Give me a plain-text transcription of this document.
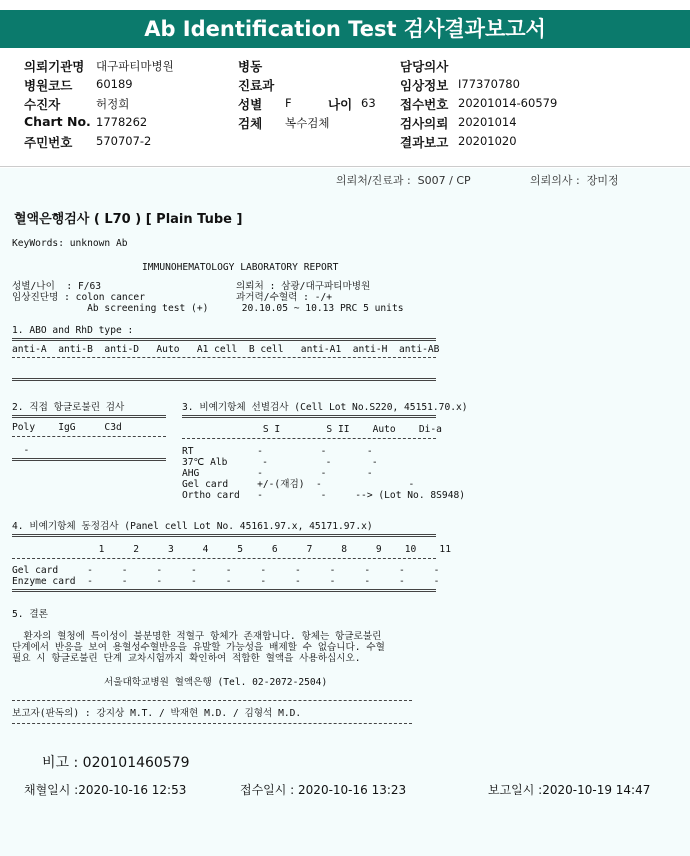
Ab Identification Test 검사결과보고서
의뢰기관명 대구파티마병원
병원코드 60189
수진자	허정희
Chart No. 1778262
주민번호 570707-2
병동
진료과
성별 F	나이 63
검체 복수검체
담당의사
임상정보 I77370780
접수번호 20201014-60579
검사의뢰 20201014
결과보고 20201020
의뢰처/진료과 :  S007 / CP	의뢰의사 :  장미정
혈액은행검사 ( L70 ) [ Plain Tube ]
KeyWords: unknown Ab
IMMUNOHEMATOLOGY LABORATORY REPORT
성별/나이  : F/63
임상진단명 : colon cancer
Ab screening test (+)
의뢰처 : 삼광/대구파티마병원
과거력/수혈력 : -/+
20.10.05 ~ 10.13 PRC 5 units
1. ABO and RhD type :
anti-A  anti-B  anti-D   Auto   A1 cell  B cell   anti-A1  anti-H  anti-AB
2. 직접 항글로불린 검사
Poly    IgG     C3d
-
3. 비예기항체 선별검사 (Cell Lot No.S220, 45151.70.x)
S I        S II    Auto    Di-a
RT           -          -       -
37℃ Alb      -          -       -
AHG          -          -       -
Gel card     +/-(재검)  -               -
Ortho card   -          -     --> (Lot No. 8S948)
4. 비예기항체 동정검사 (Panel cell Lot No. 45161.97.x, 45171.97.x)
1     2     3     4     5     6     7     8     9    10    11
Gel card     -     -     -     -     -     -     -     -     -     -     -
Enzyme card  -     -     -     -     -     -     -     -     -     -     -
5. 결론
환자의 혈청에 특이성이 불분명한 적혈구 항체가 존재합니다. 항체는 항글로불린
단계에서 반응을 보여 용혈성수혈반응을 유발할 가능성을 배제할 수 없습니다. 수혈
필요 시 항글로불린 단계 교차시험까지 확인하여 적합한 혈액을 사용하십시오.
서울대학교병원 혈액은행 (Tel. 02-2072-2504)
보고자(판독의) : 강지상 M.T. / 박재현 M.D. / 김형석 M.D.
비고 : 020101460579
채혈일시 :2020-10-16 12:53	접수일시 : 2020-10-16 13:23	보고일시 :2020-10-19 14:47
